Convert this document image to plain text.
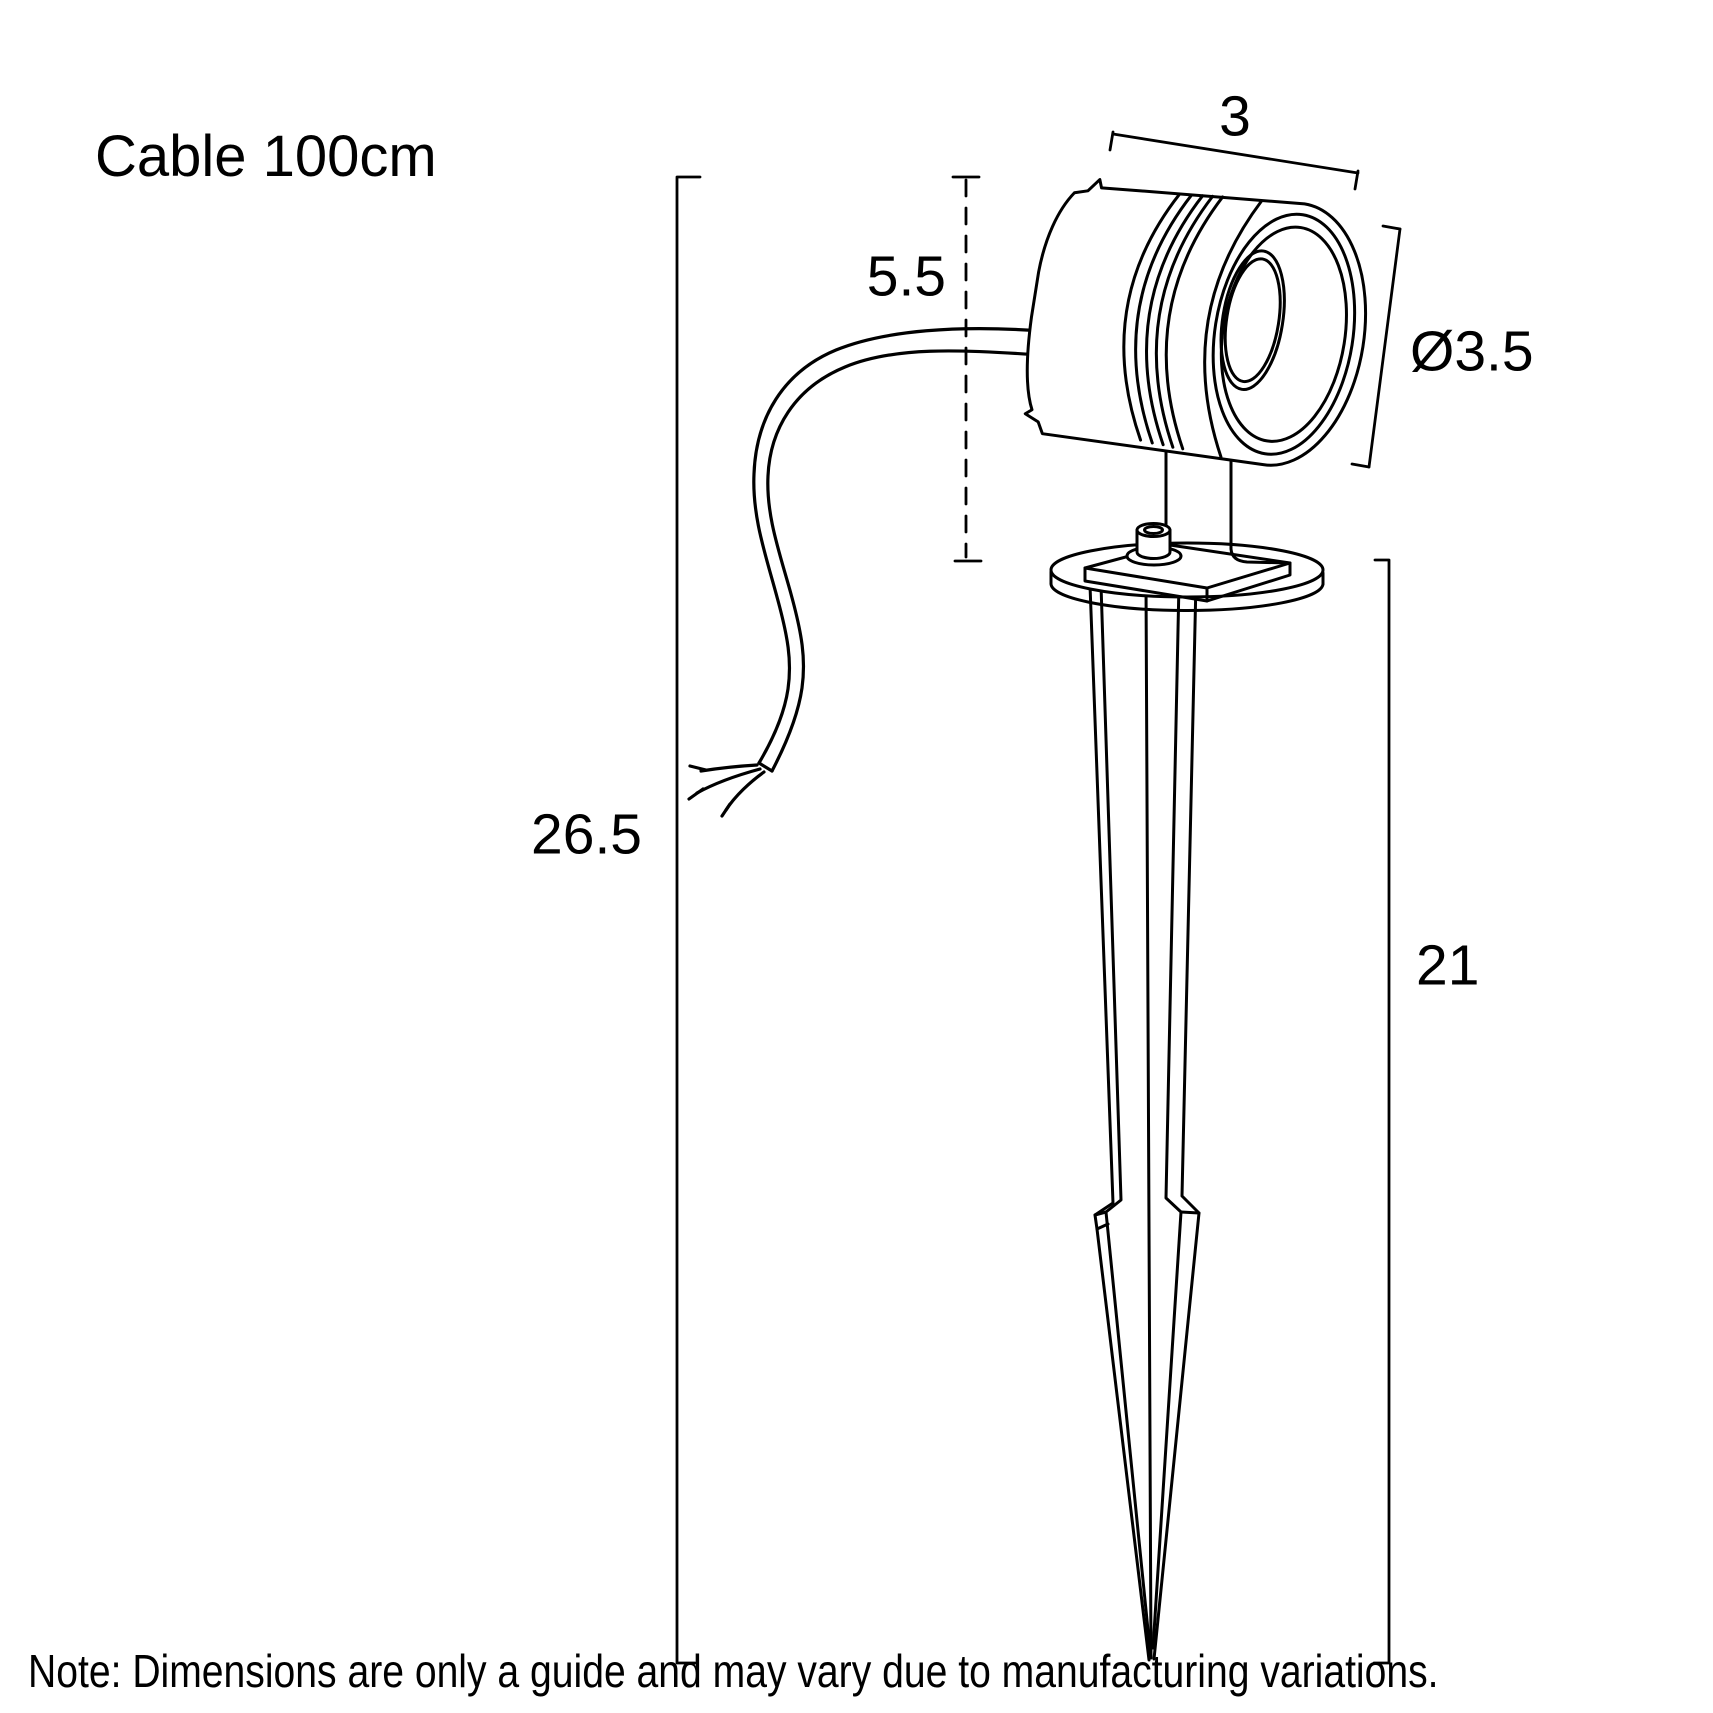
Cable 100cm
3
5.5
Ø3.5
26.5
21
Note: Dimensions are only a guide and may vary due to manufacturing variations.
